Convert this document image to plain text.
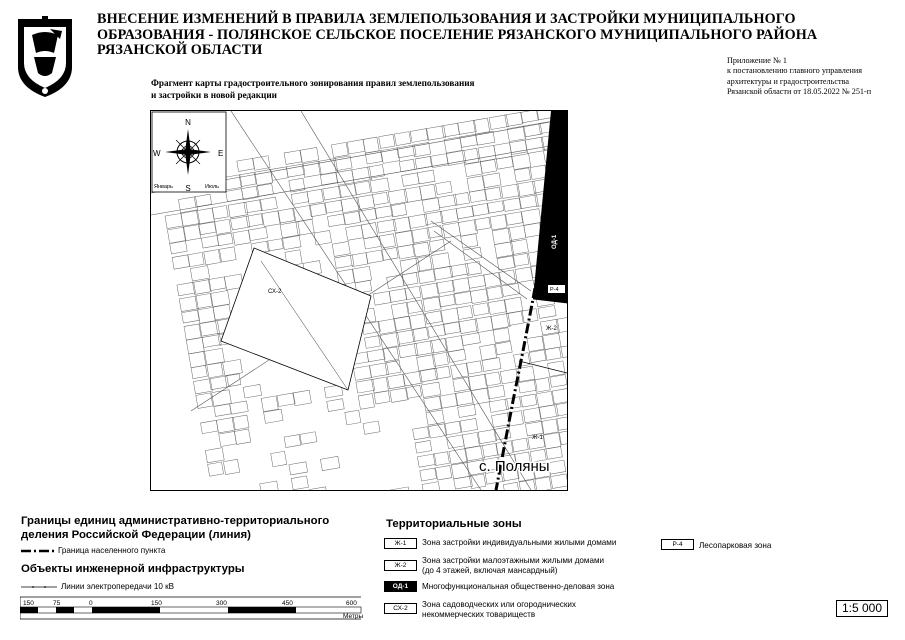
ВНЕСЕНИЕ ИЗМЕНЕНИЙ В ПРАВИЛА ЗЕМЛЕПОЛЬЗОВАНИЯ И ЗАСТРОЙКИ МУНИЦИПАЛЬНОГО
ОБРАЗОВАНИЯ - ПОЛЯНСКОЕ СЕЛЬСКОЕ ПОСЕЛЕНИЕ РЯЗАНСКОГО МУНИЦИПАЛЬНОГО РАЙОНА
РЯЗАНСКОЙ ОБЛАСТИ
Приложение № 1
к постановлению главного управления
архитектуры и градостроительства
Рязанской области от 18.05.2022 № 251-п
Фрагмент карты градостроительного зонирования правил землепользования
и застройки в новой редакции
N
S
W	E
Январь	Июль
СХ-2	Р-4
Ж-2
Ж-1
ОД-1
с. Поляны
Границы единиц административно-территориального
деления Российской Федерации (линия)
Граница населенного пункта
Объекты инженерной инфраструктуры
Линии электропередачи 10 кВ
150	75	0	150	300	450	600
Метры
Территориальные зоны
Ж-1	Зона застройки индивидуальными жилыми домами
Ж-2
Зона застройки малоэтажными жилыми домами
(до 4 этажей, включая мансардный)
ОД-1	Многофункциональная общественно-деловая зона
СХ-2	Зона садоводческих или огороднических
некоммерческих товариществ
Р-4	Лесопарковая зона
1:5 000
